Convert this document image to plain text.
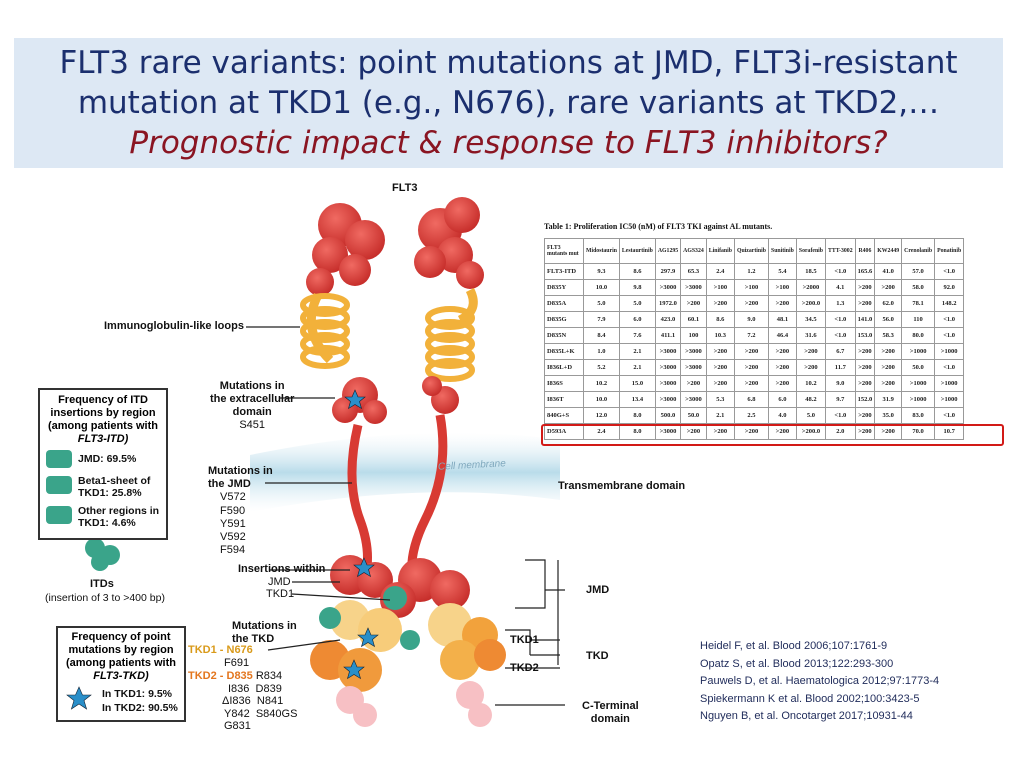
FLT3 rare variants: point mutations at JMD, FLT3i-resistant
mutation at TKD1 (e.g., N676), rare variants at TKD2,…
Prognostic impact & response to FLT3 inhibitors?
FLT3
Immunoglobulin-like loops
Mutations in
the extracellular
domain
S451
Cell membrane
Transmembrane domain
Mutations in
the JMD
V572
F590
Y591
V592
F594
Insertions within
JMD
TKD1
ITDs
(insertion of 3 to >400 bp)
Mutations in
the TKD
TKD1 - N676
F691
TKD2 - D835 R834
I836 D839
ΔI836 N841
Y842 S840GS
G831
JMD
TKD1
TKD
TKD2
C-Terminal
domain
Frequency of ITD
insertions by region
(among patients with
FLT3-ITD)
JMD: 69.5%
Beta1-sheet of
TKD1: 25.8%
Other regions in
TKD1: 4.6%
Frequency of point
mutations by region
(among patients with
FLT3-TKD)
In TKD1: 9.5%
In TKD2: 90.5%
Table 1: Proliferation IC50 (nM) of FLT3 TKI against AL mutants.
FLT3 mutants mut	Midostaurin	Lestaurtinib	AG1295	AGS324	Linifanib	Quizartinib	Sunitinib	Sorafenib	TTT-3002	R406	KW2449	Crenolanib	Ponatinib
FLT3-ITD	9.3	8.6	297.9	65.3	2.4	1.2	5.4	18.5	<1.0	165.6	41.0	57.0	<1.0
D835Y	10.0	9.8	>3000	>3000	>100	>100	>100	>2000	4.1	>200	>200	58.0	92.0
D835A	5.0	5.0	1972.0	>200	>200	>200	>200	>200.0	1.3	>200	62.0	78.1	148.2
D835G	7.9	6.0	423.0	60.1	8.6	9.0	48.1	34.5	<1.0	141.0	56.0	110	<1.0
D835N	8.4	7.6	411.1	100	10.3	7.2	46.4	31.6	<1.0	153.0	58.3	80.0	<1.0
D835L+K	1.0	2.1	>3000	>3000	>200	>200	>200	>200	6.7	>200	>200	>1000	>1000
I836L+D	5.2	2.1	>3000	>3000	>200	>200	>200	>200	11.7	>200	>200	50.0	<1.0
I836S	10.2	15.0	>3000	>200	>200	>200	>200	10.2	9.0	>200	>200	>1000	>1000
I836T	10.0	13.4	>3000	>3000	5.3	6.8	6.0	48.2	9.7	152.0	31.9	>1000	>1000
840G+S	12.0	8.0	500.0	50.0	2.1	2.5	4.0	5.0	<1.0	>200	35.0	83.0	<1.0
D593A	2.4	8.0	>3000	>200	>200	>200	>200	>200.0	2.0	>200	>200	70.0	10.7
Heidel F, et al. Blood 2006;107:1761-9
Opatz S, et al. Blood 2013;122:293-300
Pauwels D, et al. Haematologica 2012;97:1773-4
Spiekermann K et al. Blood 2002;100:3423-5
Nguyen B, et al. Oncotarget 2017;10931-44
